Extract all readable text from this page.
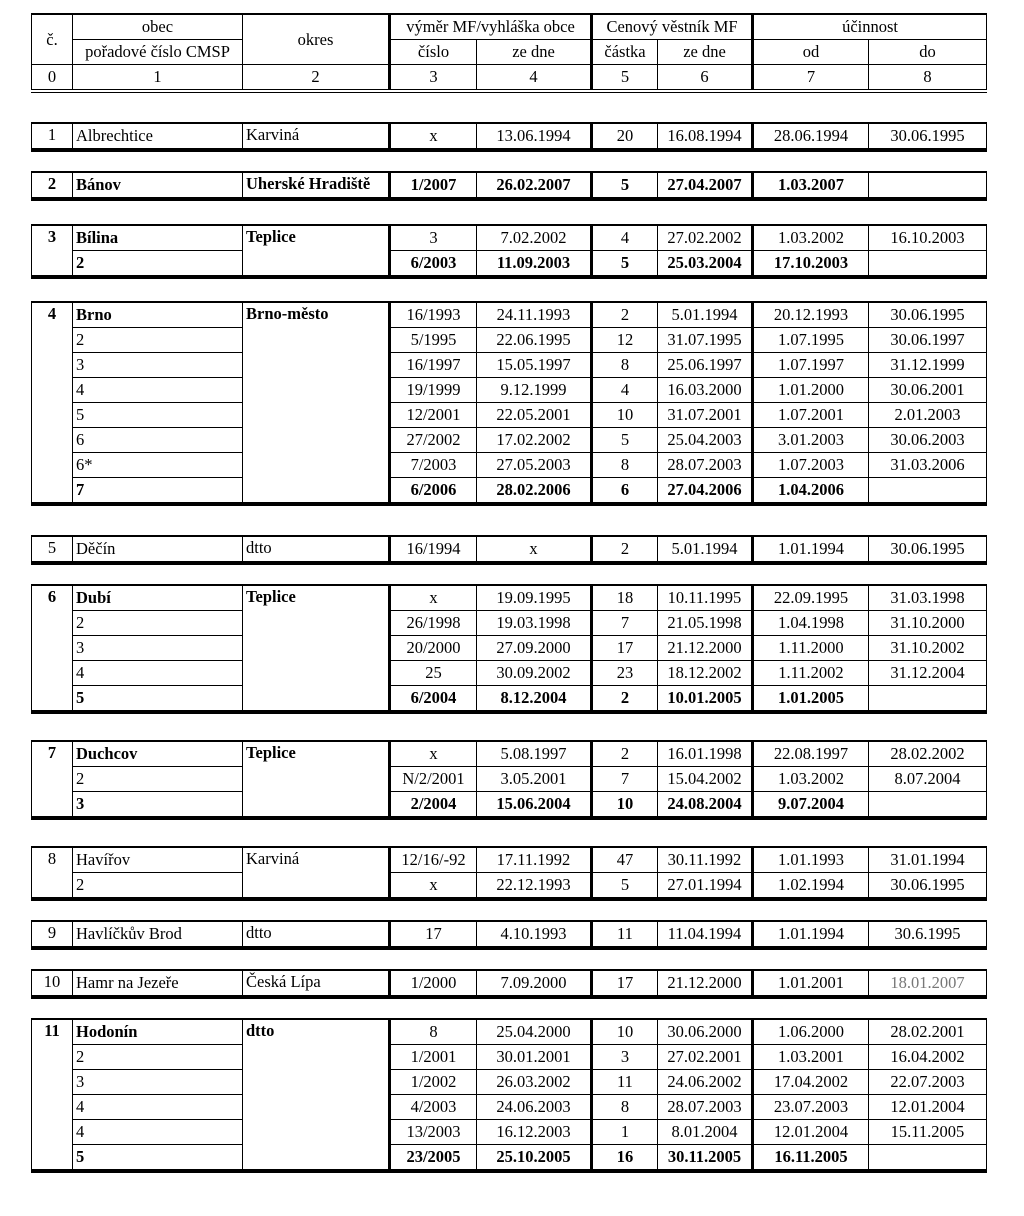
č.	obec	okres	výměr MF/vyhláška obce		Cenový věstník MF		účinnost	
	pořadové číslo CMSP		číslo	ze dne	částka	ze dne	od	do
0	1	2	3	4	5	6	7	8
1	Albrechtice	Karviná	x	13.06.1994	20	16.08.1994	28.06.1994	30.06.1995
2	Bánov	Uherské Hradiště	1/2007	26.02.2007	5	27.04.2007	1.03.2007	
3	Bílina	Teplice	3	7.02.2002	4	27.02.2002	1.03.2002	16.10.2003
	2		6/2003	11.09.2003	5	25.03.2004	17.10.2003	
4	Brno	Brno-město	16/1993	24.11.1993	2	5.01.1994	20.12.1993	30.06.1995
	2		5/1995	22.06.1995	12	31.07.1995	1.07.1995	30.06.1997
	3		16/1997	15.05.1997	8	25.06.1997	1.07.1997	31.12.1999
	4		19/1999	9.12.1999	4	16.03.2000	1.01.2000	30.06.2001
	5		12/2001	22.05.2001	10	31.07.2001	1.07.2001	2.01.2003
	6		27/2002	17.02.2002	5	25.04.2003	3.01.2003	30.06.2003
	6*		7/2003	27.05.2003	8	28.07.2003	1.07.2003	31.03.2006
	7		6/2006	28.02.2006	6	27.04.2006	1.04.2006	
5	Děčín	dtto	16/1994	x	2	5.01.1994	1.01.1994	30.06.1995
6	Dubí	Teplice	x	19.09.1995	18	10.11.1995	22.09.1995	31.03.1998
	2		26/1998	19.03.1998	7	21.05.1998	1.04.1998	31.10.2000
	3		20/2000	27.09.2000	17	21.12.2000	1.11.2000	31.10.2002
	4		25	30.09.2002	23	18.12.2002	1.11.2002	31.12.2004
	5		6/2004	8.12.2004	2	10.01.2005	1.01.2005	
7	Duchcov	Teplice	x	5.08.1997	2	16.01.1998	22.08.1997	28.02.2002
	2		N/2/2001	3.05.2001	7	15.04.2002	1.03.2002	8.07.2004
	3		2/2004	15.06.2004	10	24.08.2004	9.07.2004	
8	Havířov	Karviná	12/16/-92	17.11.1992	47	30.11.1992	1.01.1993	31.01.1994
	2		x	22.12.1993	5	27.01.1994	1.02.1994	30.06.1995
9	Havlíčkův Brod	dtto	17	4.10.1993	11	11.04.1994	1.01.1994	30.6.1995
10	Hamr na Jezeře	Česká Lípa	1/2000	7.09.2000	17	21.12.2000	1.01.2001	18.01.2007
11	Hodonín	dtto	8	25.04.2000	10	30.06.2000	1.06.2000	28.02.2001
	2		1/2001	30.01.2001	3	27.02.2001	1.03.2001	16.04.2002
	3		1/2002	26.03.2002	11	24.06.2002	17.04.2002	22.07.2003
	4		4/2003	24.06.2003	8	28.07.2003	23.07.2003	12.01.2004
	4		13/2003	16.12.2003	1	8.01.2004	12.01.2004	15.11.2005
	5		23/2005	25.10.2005	16	30.11.2005	16.11.2005	
